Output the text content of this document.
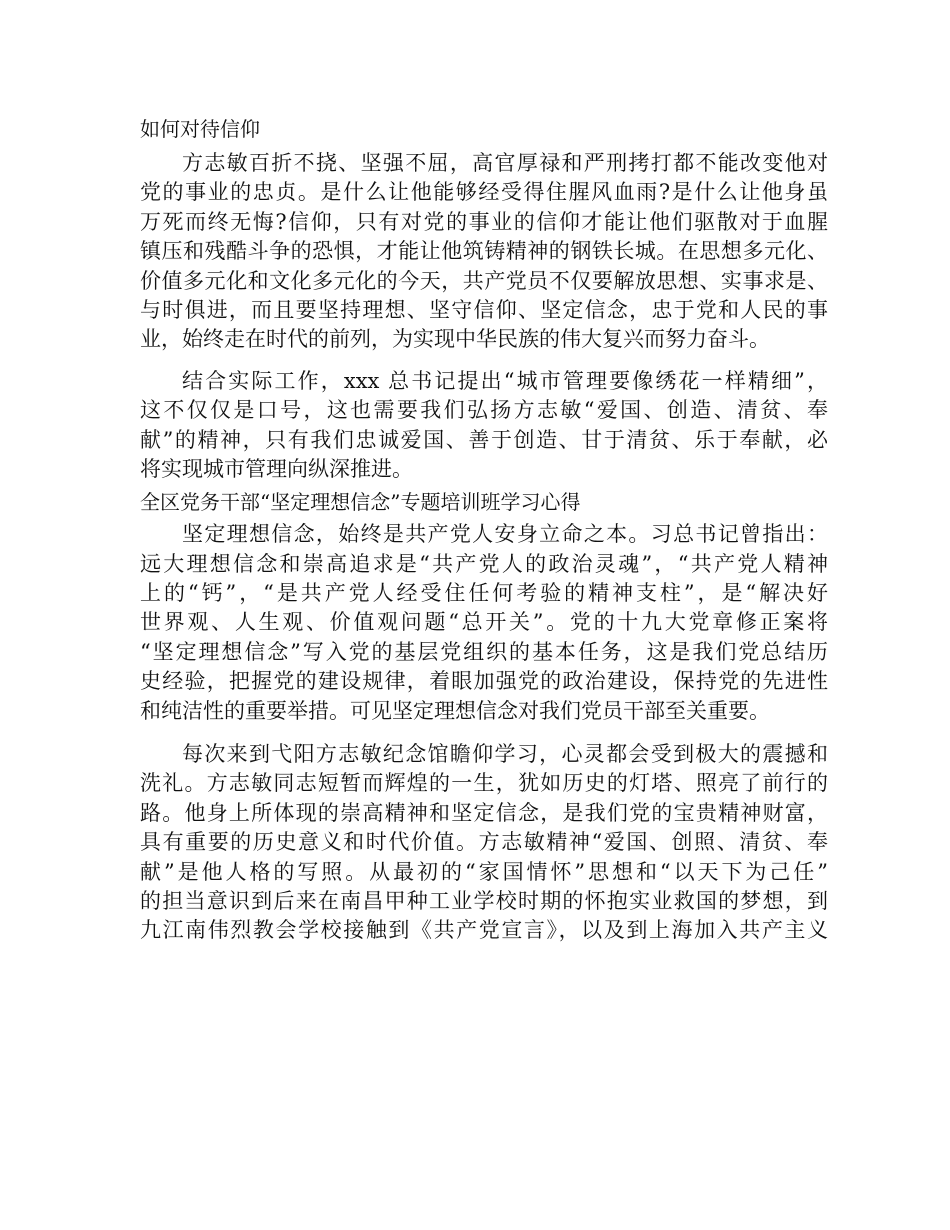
如何对待信仰

方志敏百折不挠、坚强不屈，高官厚禄和严刑拷打都不能改变他对
党的事业的忠贞。是什么让他能够经受得住腥风血雨?是什么让他身虽
万死而终无悔?信仰，只有对党的事业的信仰才能让他们驱散对于血腥
镇压和残酷斗争的恐惧，才能让他筑铸精神的钢铁长城。在思想多元化、
价值多元化和文化多元化的今天，共产党员不仅要解放思想、实事求是、
与时俱进，而且要坚持理想、坚守信仰、坚定信念，忠于党和人民的事
业，始终走在时代的前列，为实现中华民族的伟大复兴而努力奋斗。

结合实际工作，xxx 总书记提出“城市管理要像绣花一样精细”，
这不仅仅是口号，这也需要我们弘扬方志敏“爱国、创造、清贫、奉
献”的精神，只有我们忠诚爱国、善于创造、甘于清贫、乐于奉献，必
将实现城市管理向纵深推进。

全区党务干部“坚定理想信念”专题培训班学习心得

坚定理想信念，始终是共产党人安身立命之本。习总书记曾指出：
远大理想信念和崇高追求是“共产党人的政治灵魂”，“共产党人精神
上的“钙”，“是共产党人经受住任何考验的精神支柱”，是“解决好
世界观、人生观、价值观问题“总开关”。党的十九大党章修正案将
“坚定理想信念”写入党的基层党组织的基本任务，这是我们党总结历
史经验，把握党的建设规律，着眼加强党的政治建设，保持党的先进性
和纯洁性的重要举措。可见坚定理想信念对我们党员干部至关重要。

每次来到弋阳方志敏纪念馆瞻仰学习，心灵都会受到极大的震撼和
洗礼。方志敏同志短暂而辉煌的一生，犹如历史的灯塔、照亮了前行的
路。他身上所体现的崇高精神和坚定信念，是我们党的宝贵精神财富，
具有重要的历史意义和时代价值。方志敏精神“爱国、创照、清贫、奉
献”是他人格的写照。从最初的“家国情怀”思想和“以天下为己任”
的担当意识到后来在南昌甲种工业学校时期的怀抱实业救国的梦想，到
九江南伟烈教会学校接触到《共产党宣言》，以及到上海加入共产主义
